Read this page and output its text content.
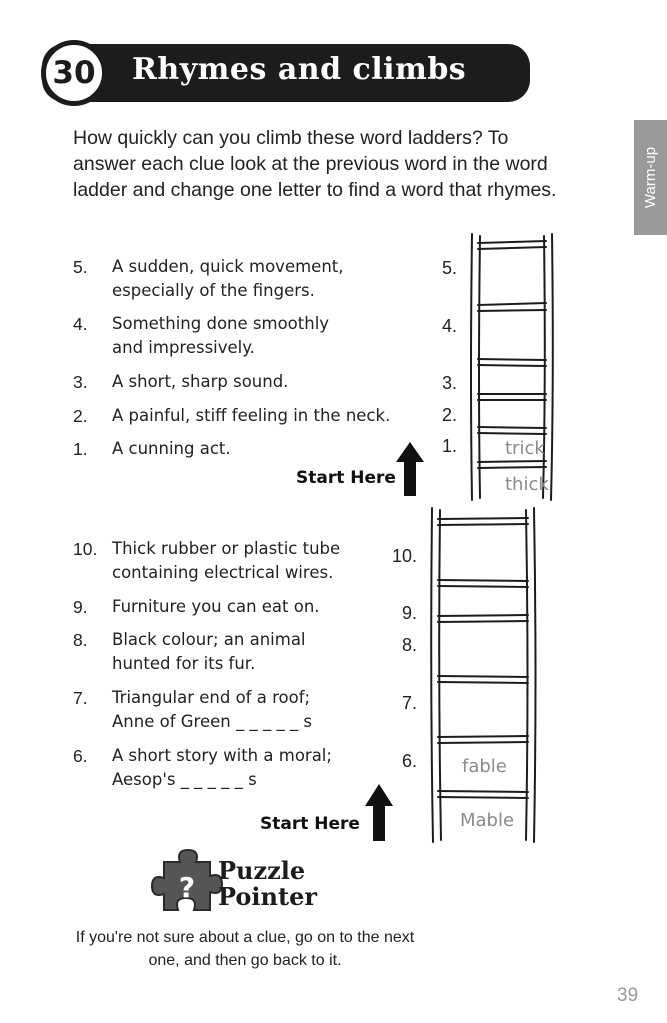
30	Rhymes and climbs
Warm-up
How quickly can you climb these word ladders? To answer each clue look at the previous word in the word ladder and change one letter to find a word that rhymes.
5. A sudden, quick movement,
especially of the fingers.
4. Something done smoothly
and impressively.
3. A short, sharp sound.
2. A painful, stiff feeling in the neck.
1. A cunning act.
5.
4.
3.
2.
1.
?
Start Here
trick
thick
10. Thick rubber or plastic tube
containing electrical wires.
9. Furniture you can eat on.
8. Black colour; an animal
hunted for its fur.
7. Triangular end of a roof;
Anne of Green _ _ _ _ _ s
6. A short story with a moral;
Aesop's _ _ _ _ _ s
10.
9.
8.
7.
6.
Start Here
fable
Mable
Puzzle
Pointer
If you're not sure about a clue, go on to the next one, and then go back to it.
39
